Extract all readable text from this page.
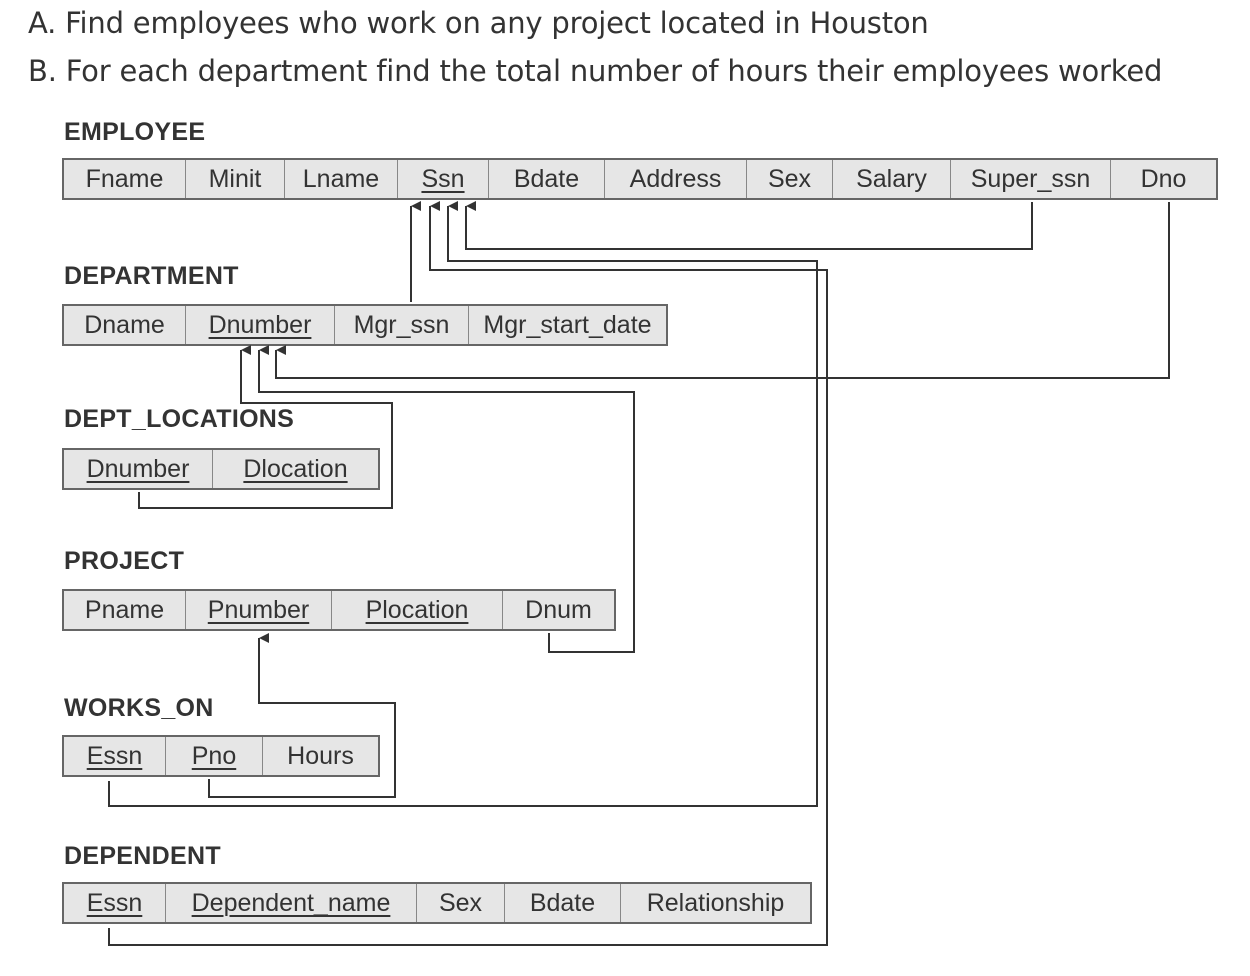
A. Find employees who work on any project located in Houston
B. For each department find the total number of hours their employees worked
EMPLOYEE
Fname	Minit	Lname	Ssn	Bdate	Address	Sex	Salary	Super_ssn	Dno
DEPARTMENT
Dname	Dnumber	Mgr_ssn	Mgr_start_date
DEPT_LOCATIONS
Dnumber	Dlocation
PROJECT
Pname	Pnumber	Plocation	Dnum
WORKS_ON
Essn	Pno	Hours
DEPENDENT
Essn	Dependent_name	Sex	Bdate	Relationship
